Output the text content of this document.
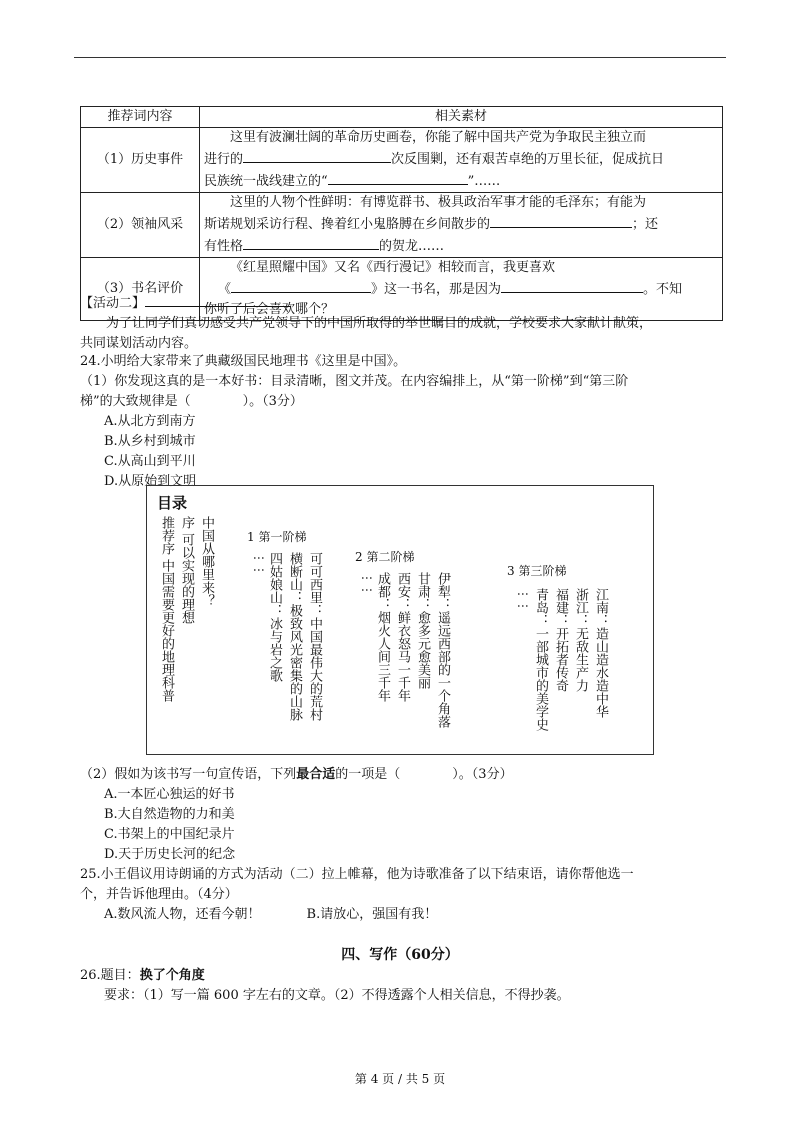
推荐词内容	相关素材
（1）历史事件	这里有波澜壮阔的革命历史画卷，你能了解中国共产党为争取民主独立而
进行的 次反围剿，还有艰苦卓绝的万里长征，促成抗日
民族统一战线建立的“ ”……

（2）领袖风采	这里的人物个性鲜明：有博览群书、极具政治军事才能的毛泽东；有能为
斯诺规划采访行程、搀着红小鬼胳膊在乡间散步的 ；还
有性格 的贺龙……

（3）书名评价	《红星照耀中国》又名《西行漫记》相较而言，我更喜欢
《 》这一书名，那是因为 。不知
你听了后会喜欢哪个？
【活动二】
为了让同学们真切感受共产党领导下的中国所取得的举世瞩目的成就，学校要求大家献计献策，
共同谋划活动内容。
24.小明给大家带来了典藏级国民地理书《这里是中国》。
（1）你发现这真的是一本好书：目录清晰，图文并茂。在内容编排上，从“第一阶梯”到“第三阶
梯”的大致规律是（　　　　）。（3分）
A.从北方到南方
B.从乡村到城市
C.从高山到平川
D.从原始到文明
目录
推荐序 中国需要更好的地理科普 序 可以实现的理想 中国从哪里来？	1 第一阶梯
⋮⋮ 四姑娘山：冰与岩之歌 横断山：极致风光密集的山脉 可可西里：中国最伟大的荒村	2 第二阶梯
⋮⋮ 成都：烟火人间三千年 西安：鲜衣怒马一千年 甘肃：愈多元愈美丽 伊犁：遥远西部的一个角落
3 第三阶梯
⋮⋮ 青岛：一部城市的美学史 福建：开拓者传奇 浙江：无敌生产力 江南：造山造水造中华
（2）假如为该书写一句宣传语，下列最合适的一项是（　　　　）。（3分）
A.一本匠心独运的好书
B.大自然造物的力和美
C.书架上的中国纪录片
D.天于历史长河的纪念
25.小王倡议用诗朗诵的方式为活动（二）拉上帷幕，他为诗歌准备了以下结束语，请你帮他选一
个，并告诉他理由。（4分）
A.数风流人物，还看今朝！	B.请放心，强国有我！
四、写作（60分）
26.题目：换了个角度
要求：（1）写一篇 600 字左右的文章。（2）不得透露个人相关信息，不得抄袭。
第 4 页 / 共 5 页
